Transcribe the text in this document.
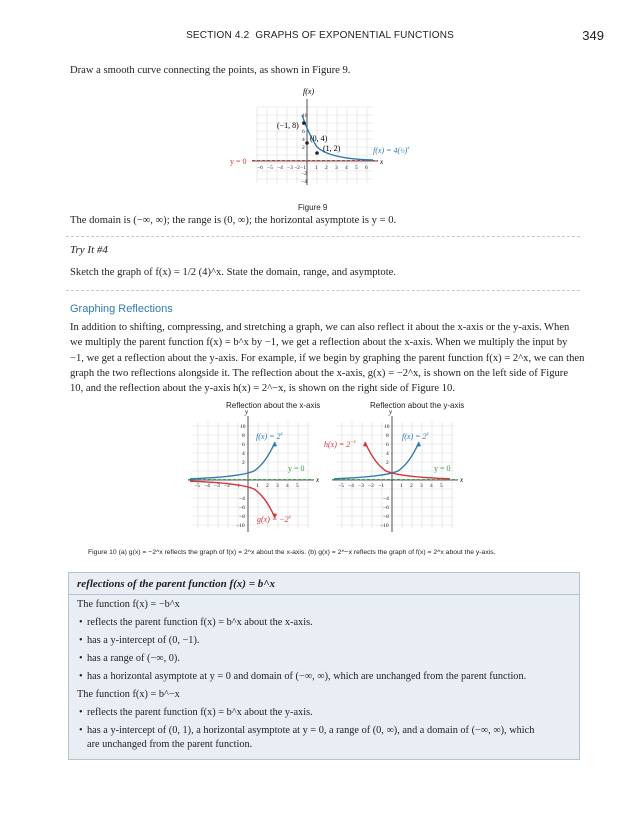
SECTION 4.2 GRAPHS OF EXPONENTIAL FUNCTIONS	349
Draw a smooth curve connecting the points, as shown in Figure 9.
f(x)
x
−6 −5 −4 −3 −2 −1 1 2 3 4 5 6
10
6
4
2
−2
−4
(−1, 8)
(0, 4)
(1, 2)	f(x) = 4(½)$^x$
y = 0
Figure 9
The domain is (−∞, ∞); the range is (0, ∞); the horizontal asymptote is y = 0.
Try It #4
Sketch the graph of f(x) = 1/2 (4)^x. State the domain, range, and asymptote.
Graphing Reflections
In addition to shifting, compressing, and stretching a graph, we can also reflect it about the x-axis or the y-axis. When
we multiply the parent function f(x) = b^x by −1, we get a reflection about the x-axis. When we multiply the input by
−1, we get a reflection about the y-axis. For example, if we begin by graphing the parent function f(x) = 2^x, we can then
graph the two reflections alongside it. The reflection about the x-axis, g(x) = −2^x, is shown on the left side of Figure
10, and the reflection about the y-axis h(x) = 2^−x, is shown on the right side of Figure 10.
Reflection about the x-axis	Reflection about the y-axis
y
x
−5 −4 −3 −2 −1	1 2 3 4 5
10
8
6
4
2
−4
−6
−8
−10
$f(x) = 2^x$
y = 0
$g(x) = -2^x$
y
x
−5 −4 −3 −2 −1	1 2 3 4 5
10
8
6
4
2
−4
−6
−8
−10
$f(x) = 2^x$
$h(x) = 2^{-x}$
y = 0
Figure 10 (a) g(x) = −2^x reflects the graph of f(x) = 2^x about the x-axis. (b) g(x) = 2^−x reflects the graph of f(x) = 2^x about the y-axis.
reflections of the parent function f(x) = b^x
The function f(x) = −b^x
• reflects the parent function f(x) = b^x about the x-axis.
• has a y-intercept of (0, −1).
• has a range of (−∞, 0).
• has a horizontal asymptote at y = 0 and domain of (−∞, ∞), which are unchanged from the parent function.
The function f(x) = b^−x
• reflects the parent function f(x) = b^x about the y-axis.
• has a y-intercept of (0, 1), a horizontal asymptote at y = 0, a range of (0, ∞), and a domain of (−∞, ∞), which
are unchanged from the parent function.
